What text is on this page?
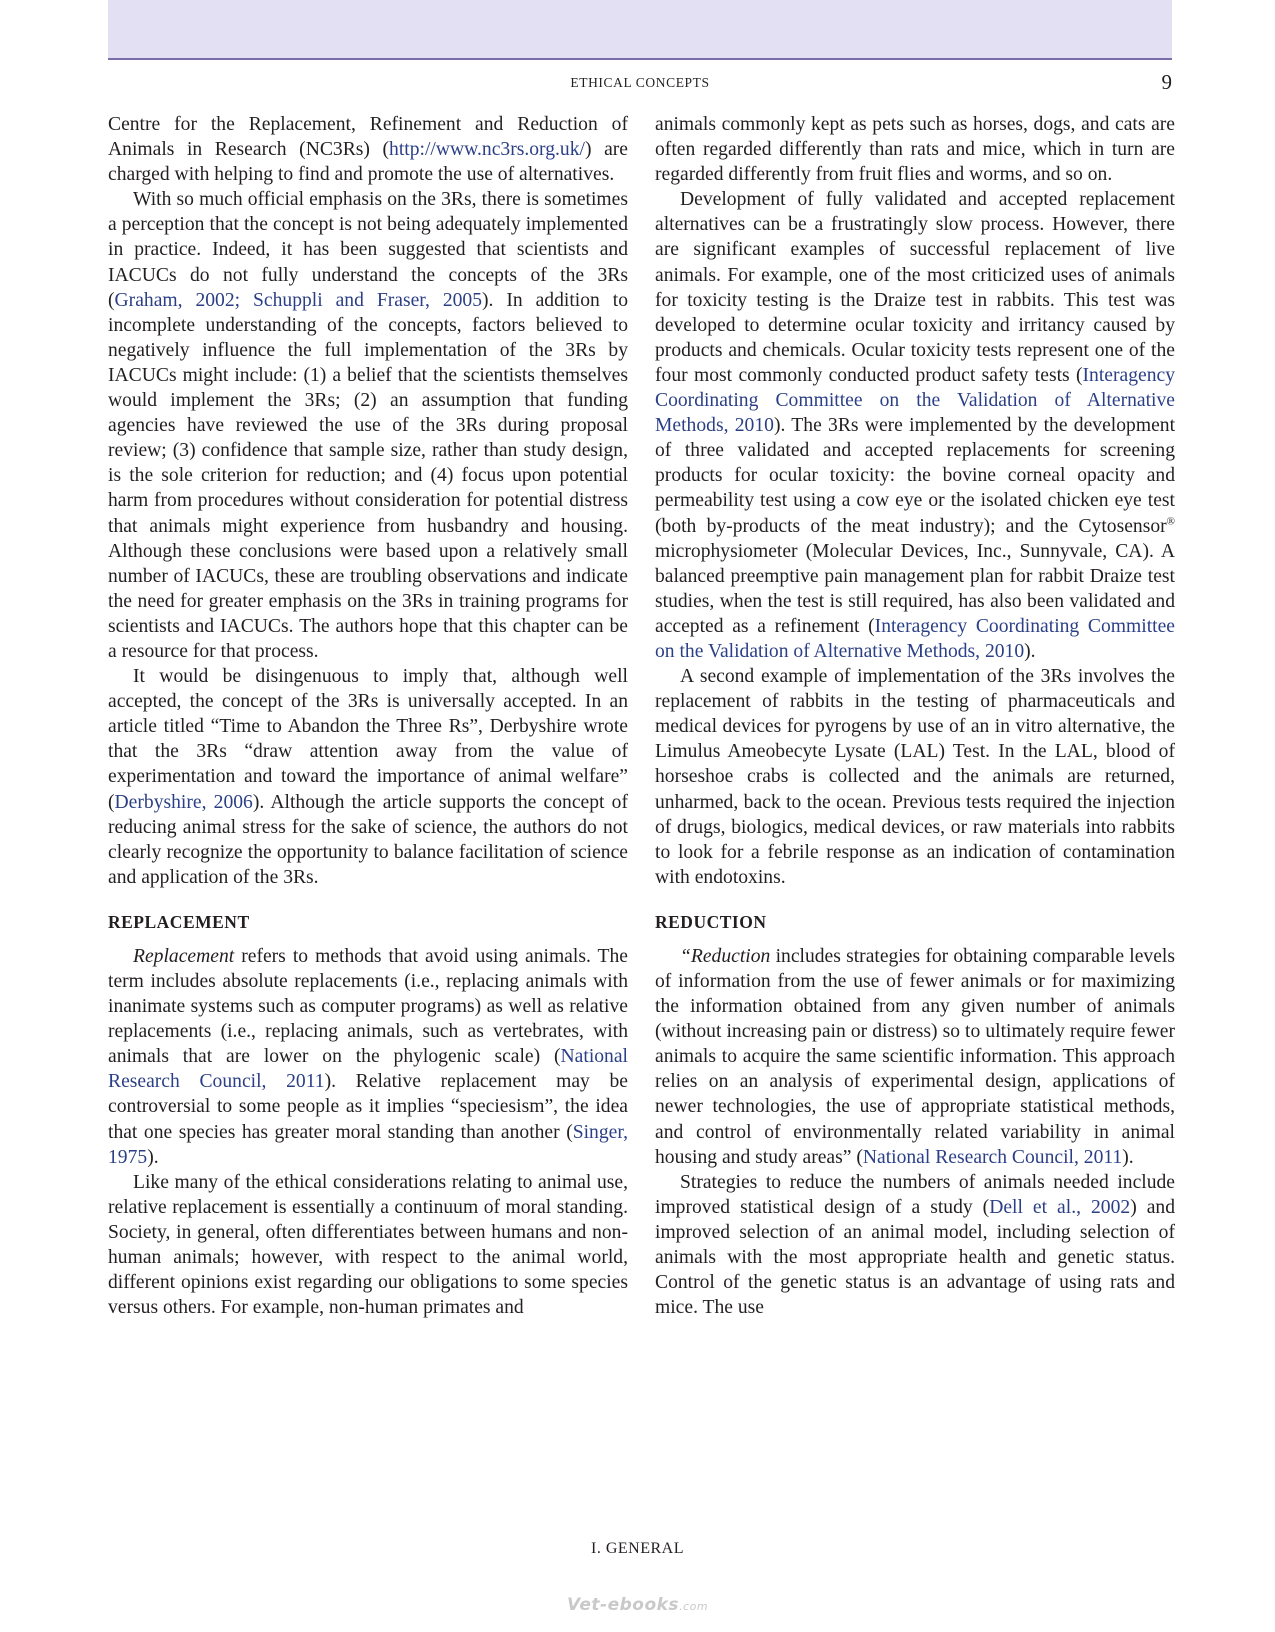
ETHICAL CONCEPTS	9

Centre for the Replacement, Refinement and Reduction of Animals in Research (NC3Rs) (http://www.nc3rs.org.uk/) are charged with helping to find and promote the use of alternatives.

With so much official emphasis on the 3Rs, there is sometimes a perception that the concept is not being adequately implemented in practice. Indeed, it has been suggested that scientists and IACUCs do not fully understand the concepts of the 3Rs (Graham, 2002; Schuppli and Fraser, 2005). In addition to incomplete understanding of the concepts, factors believed to negatively influence the full implementation of the 3Rs by IACUCs might include: (1) a belief that the scientists themselves would implement the 3Rs; (2) an assumption that funding agencies have reviewed the use of the 3Rs during proposal review; (3) confidence that sample size, rather than study design, is the sole criterion for reduction; and (4) focus upon potential harm from procedures without consideration for potential distress that animals might experience from husbandry and housing. Although these conclusions were based upon a relatively small number of IACUCs, these are troubling observations and indicate the need for greater emphasis on the 3Rs in training programs for scientists and IACUCs. The authors hope that this chapter can be a resource for that process.

It would be disingenuous to imply that, although well accepted, the concept of the 3Rs is universally accepted. In an article titled “Time to Abandon the Three Rs”, Derbyshire wrote that the 3Rs “draw attention away from the value of experimentation and toward the importance of animal welfare” (Derbyshire, 2006). Although the article supports the concept of reducing animal stress for the sake of science, the authors do not clearly recognize the opportunity to balance facilitation of science and application of the 3Rs.

REPLACEMENT

Replacement refers to methods that avoid using animals. The term includes absolute replacements (i.e., replacing animals with inanimate systems such as computer programs) as well as relative replacements (i.e., replacing animals, such as vertebrates, with animals that are lower on the phylogenic scale) (National Research Council, 2011). Relative replacement may be controversial to some people as it implies “speciesism”, the idea that one species has greater moral standing than another (Singer, 1975).

Like many of the ethical considerations relating to animal use, relative replacement is essentially a continuum of moral standing. Society, in general, often differentiates between humans and non-human animals; however, with respect to the animal world, different opinions exist regarding our obligations to some species versus others. For example, non-human primates and

animals commonly kept as pets such as horses, dogs, and cats are often regarded differently than rats and mice, which in turn are regarded differently from fruit flies and worms, and so on.

Development of fully validated and accepted replacement alternatives can be a frustratingly slow process. However, there are significant examples of successful replacement of live animals. For example, one of the most criticized uses of animals for toxicity testing is the Draize test in rabbits. This test was developed to determine ocular toxicity and irritancy caused by products and chemicals. Ocular toxicity tests represent one of the four most commonly conducted product safety tests (Interagency Coordinating Committee on the Validation of Alternative Methods, 2010). The 3Rs were implemented by the development of three validated and accepted replacements for screening products for ocular toxicity: the bovine corneal opacity and permeability test using a cow eye or the isolated chicken eye test (both by-products of the meat industry); and the Cytosensor® microphysiometer (Molecular Devices, Inc., Sunnyvale, CA). A balanced preemptive pain management plan for rabbit Draize test studies, when the test is still required, has also been validated and accepted as a refinement (Interagency Coordinating Committee on the Validation of Alternative Methods, 2010).

A second example of implementation of the 3Rs involves the replacement of rabbits in the testing of pharmaceuticals and medical devices for pyrogens by use of an in vitro alternative, the Limulus Ameobecyte Lysate (LAL) Test. In the LAL, blood of horseshoe crabs is collected and the animals are returned, unharmed, back to the ocean. Previous tests required the injection of drugs, biologics, medical devices, or raw materials into rabbits to look for a febrile response as an indication of contamination with endotoxins.

REDUCTION

“Reduction includes strategies for obtaining comparable levels of information from the use of fewer animals or for maximizing the information obtained from any given number of animals (without increasing pain or distress) so to ultimately require fewer animals to acquire the same scientific information. This approach relies on an analysis of experimental design, applications of newer technologies, the use of appropriate statistical methods, and control of environmentally related variability in animal housing and study areas” (National Research Council, 2011).

Strategies to reduce the numbers of animals needed include improved statistical design of a study (Dell et al., 2002) and improved selection of an animal model, including selection of animals with the most appropriate health and genetic status. Control of the genetic status is an advantage of using rats and mice. The use

I. GENERAL
Vet-ebooks.com
